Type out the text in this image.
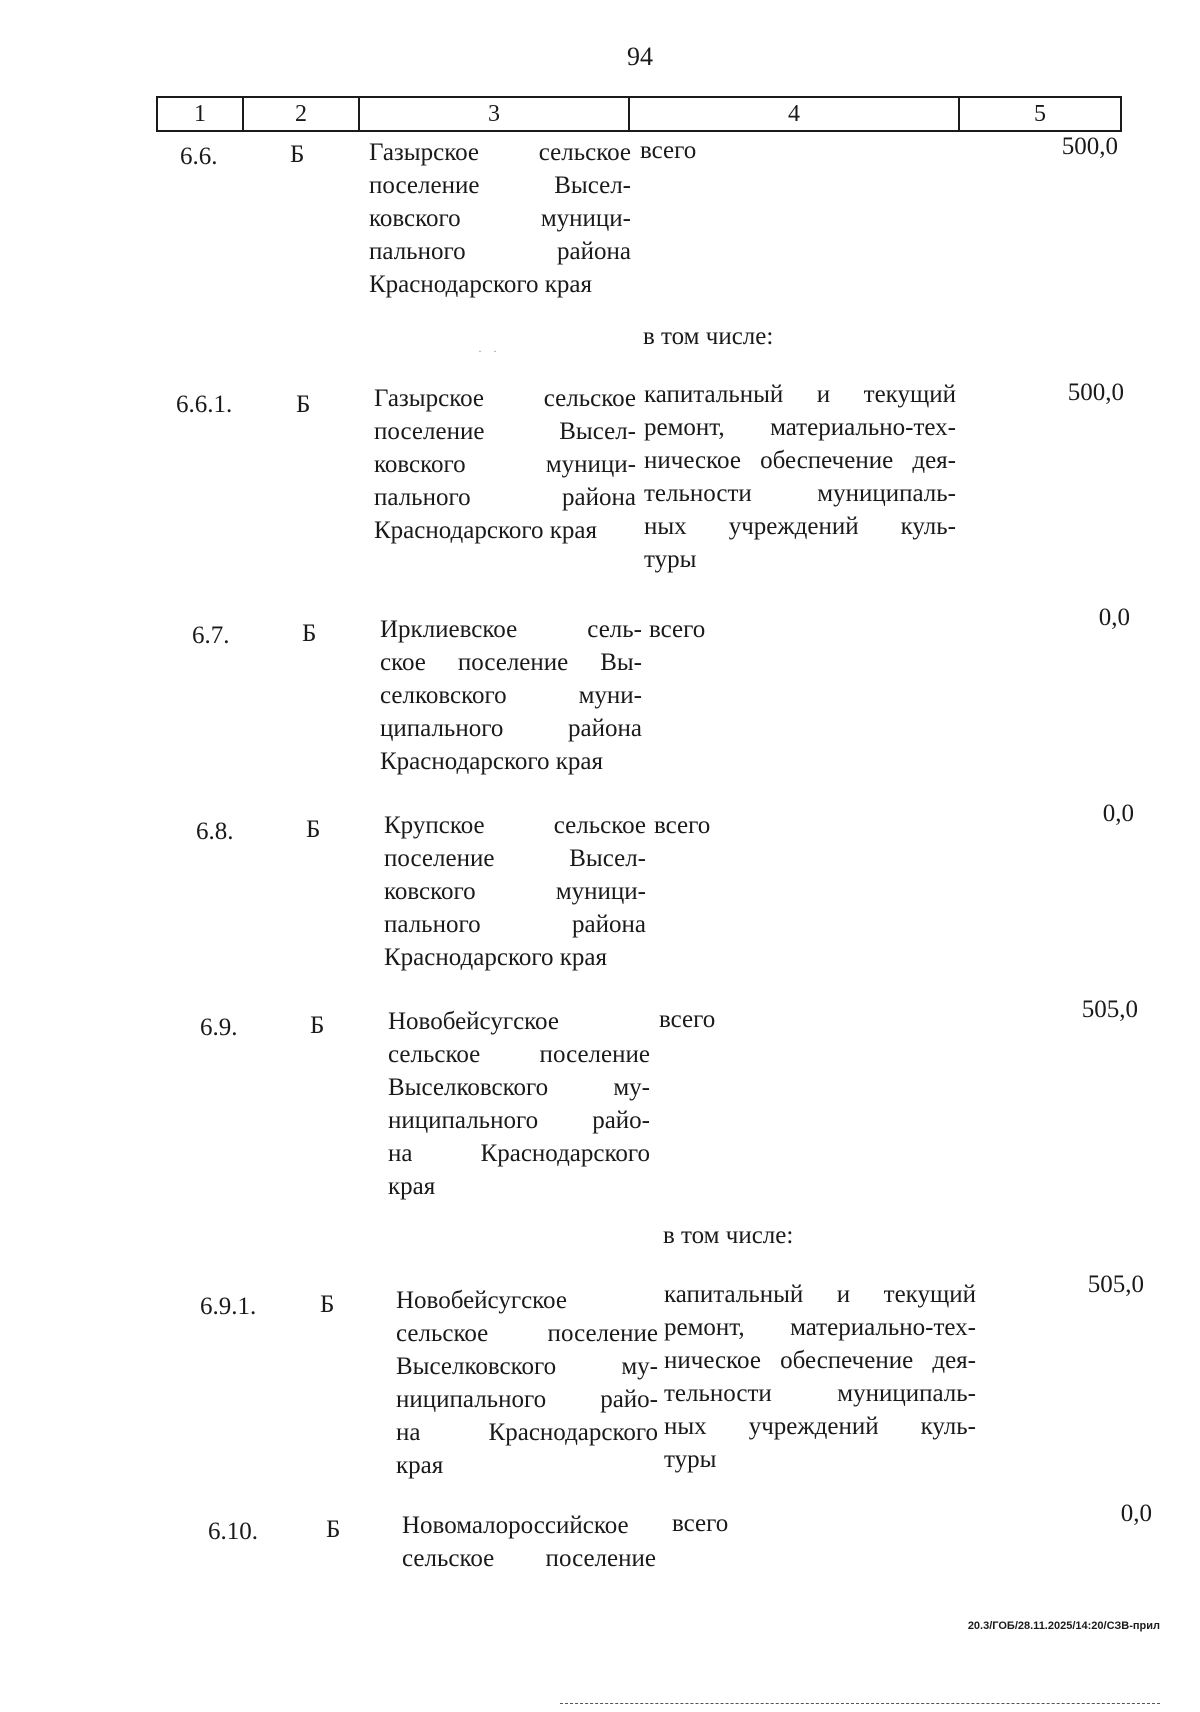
94
1	2	3	4	5
· ·
6.6.	Б	Газырское сельское
поселение Высел-
ковского муници-
пального района
Краснодарского края
всего	500,0
в том числе:
6.6.1.	Б	Газырское сельское
поселение Высел-
ковского муници-
пального района
Краснодарского края
капитальный и текущий
ремонт, материально-тех-
ническое обеспечение дея-
тельности муниципаль-
ных учреждений куль-
туры
500,0
6.7.	Б	Ирклиевское сель-
ское поселение Вы-
селковского муни-
ципального района
Краснодарского края
всего	0,0
6.8.	Б	Крупское сельское
поселение Высел-
ковского муници-
пального района
Краснодарского края
всего	0,0
6.9.	Б	Новобейсугское
сельское поселение
Выселковского му-
ниципального райо-
на Краснодарского
края
всего	505,0
в том числе:
6.9.1.	Б Новобейсугское
сельское поселение
Выселковского му-
ниципального райо-
на Краснодарского
края
капитальный и текущий
ремонт, материально-тех-
ническое обеспечение дея-
тельности муниципаль-
ных учреждений куль-
туры
505,0
6.10.	Б Новомалороссийское
сельское поселение
всего	0,0
20.3/ГОБ/28.11.2025/14:20/СЗВ-прил
